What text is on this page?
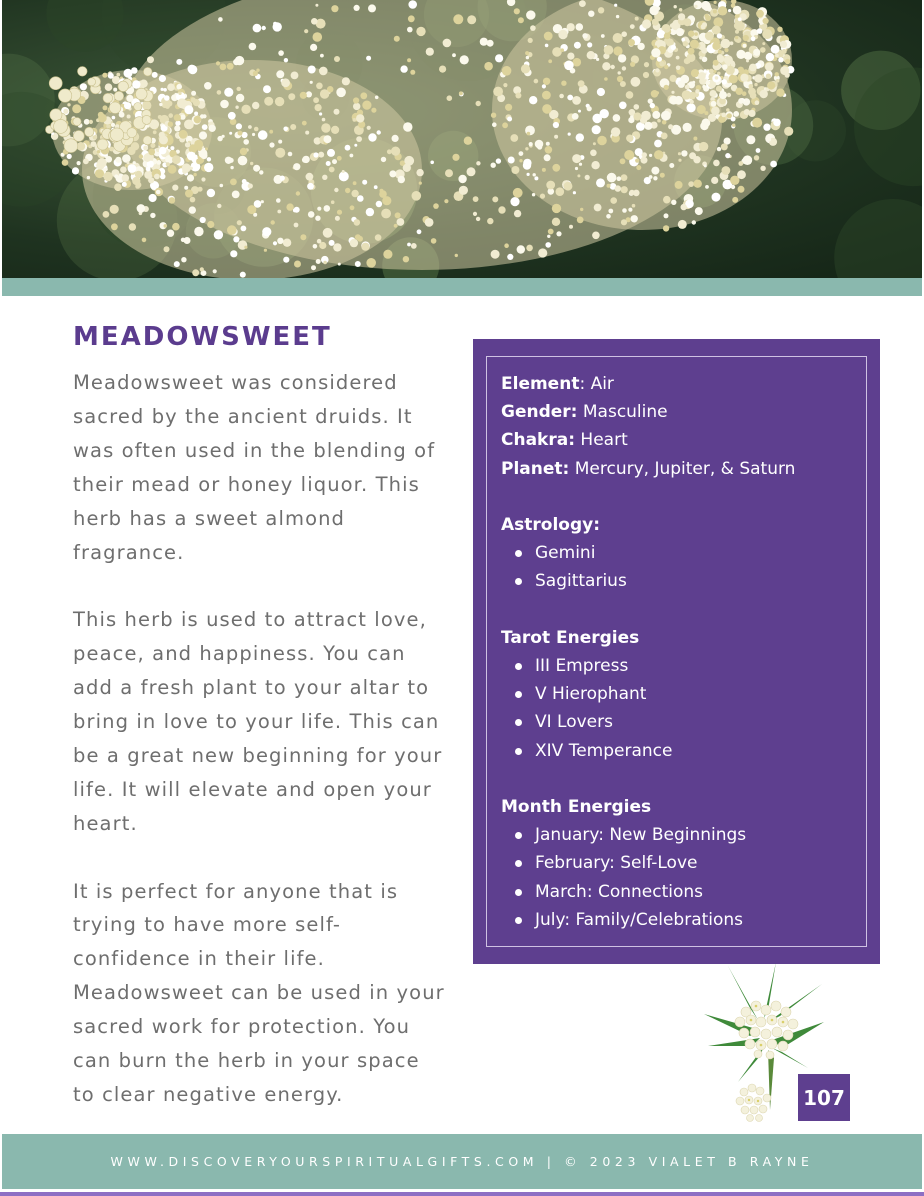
MEADOWSWEET

Meadowsweet was considered sacred by the ancient druids. It was often used in the blending of their mead or honey liquor. This herb has a sweet almond fragrance.

This herb is used to attract love, peace, and happiness. You can add a fresh plant to your altar to bring in love to your life. This can be a great new beginning for your life. It will elevate and open your heart.

It is perfect for anyone that is trying to have more self-confidence in their life. Meadowsweet can be used in your sacred work for protection. You can burn the herb in your space to clear negative energy.

Element: Air
Gender: Masculine
Chakra: Heart
Planet: Mercury, Jupiter, & Saturn
Astrology:
Gemini
Sagittarius
Tarot Energies
III Empress
V Hierophant
VI Lovers
XIV Temperance
Month Energies
January: New Beginnings
February: Self-Love
March: Connections
July: Family/Celebrations
107
WWW.DISCOVERYOURSPIRITUALGIFTS.COM | © 2023 VIALET B RAYNE
